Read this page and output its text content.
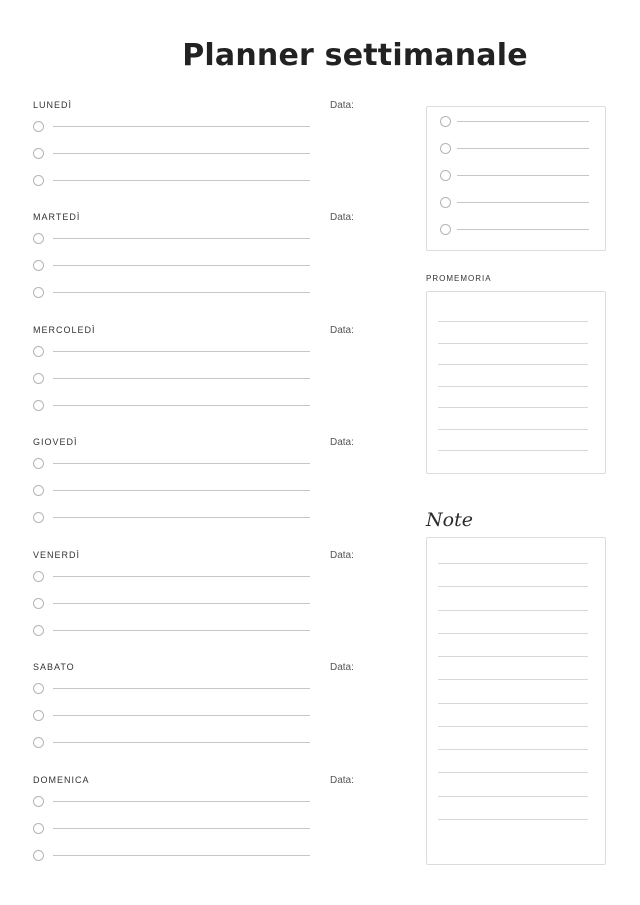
Planner settimanale
LUNEDÌ	Data:
MARTEDÌ	Data:
MERCOLEDÌ	Data:
GIOVEDÌ	Data:
VENERDÌ	Data:
SABATO	Data:
DOMENICA	Data:
PROMEMORIA
Note
